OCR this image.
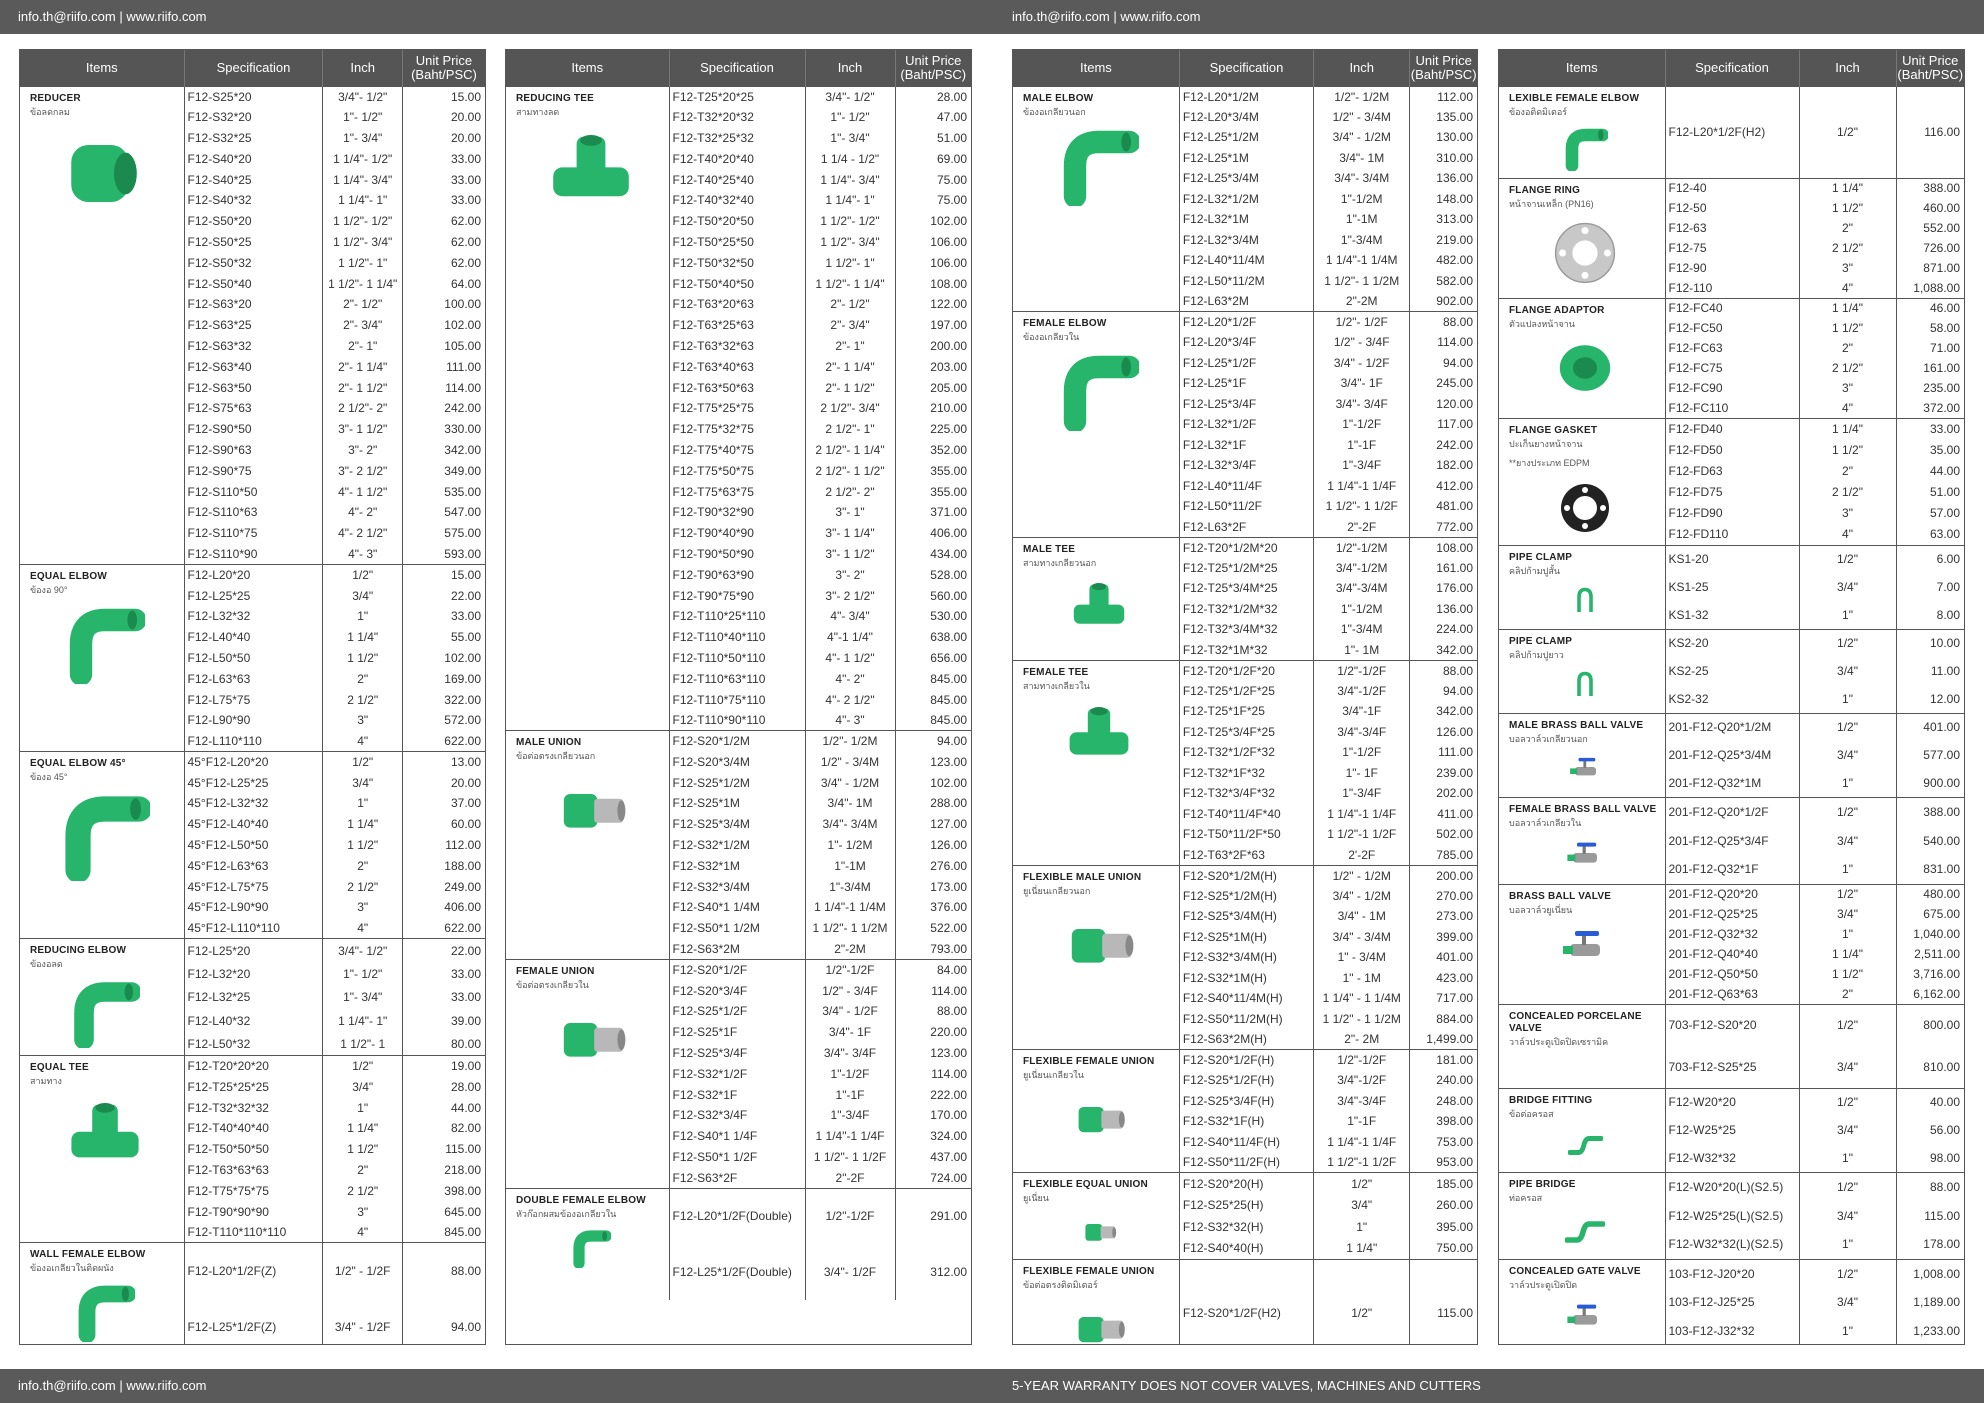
info.th@riifo.com | www.riifo.com	info.th@riifo.com | www.riifo.com
Items	Specification	Inch	Unit Price (Baht/PSC)

REDUCER
ข้อลดกลม	F12-S25*20	3/4"- 1/2"	15.00
	F12-S32*20	1"- 1/2"	20.00
	F12-S32*25	1"- 3/4"	20.00
	F12-S40*20	1 1/4"- 1/2"	33.00
	F12-S40*25	1 1/4"- 3/4"	33.00
	F12-S40*32	1 1/4"- 1"	33.00
	F12-S50*20	1 1/2"- 1/2"	62.00
	F12-S50*25	1 1/2"- 3/4"	62.00
	F12-S50*32	1 1/2"- 1"	62.00
	F12-S50*40	1 1/2"- 1 1/4"	64.00
	F12-S63*20	2"- 1/2"	100.00
	F12-S63*25	2"- 3/4"	102.00
	F12-S63*32	2"- 1"	105.00
	F12-S63*40	2"- 1 1/4"	111.00
	F12-S63*50	2"- 1 1/2"	114.00
	F12-S75*63	2 1/2"- 2"	242.00
	F12-S90*50	3"- 1 1/2"	330.00
	F12-S90*63	3"- 2"	342.00
	F12-S90*75	3"- 2 1/2"	349.00
	F12-S110*50	4"- 1 1/2"	535.00
	F12-S110*63	4"- 2"	547.00
	F12-S110*75	4"- 2 1/2"	575.00
	F12-S110*90	4"- 3"	593.00

EQUAL ELBOW
ข้องอ 90°	F12-L20*20	1/2"	15.00
	F12-L25*25	3/4"	22.00
	F12-L32*32	1"	33.00
	F12-L40*40	1 1/4"	55.00
	F12-L50*50	1 1/2"	102.00
	F12-L63*63	2"	169.00
	F12-L75*75	2 1/2"	322.00
	F12-L90*90	3"	572.00
	F12-L110*110	4"	622.00

EQUAL ELBOW 45°
ข้องอ 45°	45°F12-L20*20	1/2"	13.00
	45°F12-L25*25	3/4"	20.00
	45°F12-L32*32	1"	37.00
	45°F12-L40*40	1 1/4"	60.00
	45°F12-L50*50	1 1/2"	112.00
	45°F12-L63*63	2"	188.00
	45°F12-L75*75	2 1/2"	249.00
	45°F12-L90*90	3"	406.00
	45°F12-L110*110	4"	622.00

REDUCING ELBOW
ข้องอลด	F12-L25*20	3/4"- 1/2"	22.00
	F12-L32*20	1"- 1/2"	33.00
	F12-L32*25	1"- 3/4"	33.00
	F12-L40*32	1 1/4"- 1"	39.00
	F12-L50*32	1 1/2"- 1	80.00

EQUAL TEE
สามทาง	F12-T20*20*20	1/2"	19.00
	F12-T25*25*25	3/4"	28.00
	F12-T32*32*32	1"	44.00
	F12-T40*40*40	1 1/4"	82.00
	F12-T50*50*50	1 1/2"	115.00
	F12-T63*63*63	2"	218.00
	F12-T75*75*75	2 1/2"	398.00
	F12-T90*90*90	3"	645.00
	F12-T110*110*110	4"	845.00

WALL FEMALE ELBOW
ข้องอเกลียวในติดผนัง	F12-L20*1/2F(Z)	1/2" - 1/2F	88.00
	F12-L25*1/2F(Z)	3/4" - 1/2F	94.00
Items	Specification	Inch	Unit Price (Baht/PSC)

REDUCING TEE
สามทางลด	F12-T25*20*25	3/4"- 1/2"	28.00
	F12-T32*20*32	1"- 1/2"	47.00
	F12-T32*25*32	1"- 3/4"	51.00
	F12-T40*20*40	1 1/4 - 1/2"	69.00
	F12-T40*25*40	1 1/4"- 3/4"	75.00
	F12-T40*32*40	1 1/4"- 1"	75.00
	F12-T50*20*50	1 1/2"- 1/2"	102.00
	F12-T50*25*50	1 1/2"- 3/4"	106.00
	F12-T50*32*50	1 1/2"- 1"	106.00
	F12-T50*40*50	1 1/2"- 1 1/4"	108.00
	F12-T63*20*63	2"- 1/2"	122.00
	F12-T63*25*63	2"- 3/4"	197.00
	F12-T63*32*63	2"- 1"	200.00
	F12-T63*40*63	2"- 1 1/4"	203.00
	F12-T63*50*63	2"- 1 1/2"	205.00
	F12-T75*25*75	2 1/2"- 3/4"	210.00
	F12-T75*32*75	2 1/2"- 1"	225.00
	F12-T75*40*75	2 1/2"- 1 1/4"	352.00
	F12-T75*50*75	2 1/2"- 1 1/2"	355.00
	F12-T75*63*75	2 1/2"- 2"	355.00
	F12-T90*32*90	3"- 1"	371.00
	F12-T90*40*90	3"- 1 1/4"	406.00
	F12-T90*50*90	3"- 1 1/2"	434.00
	F12-T90*63*90	3"- 2"	528.00
	F12-T90*75*90	3"- 2 1/2"	560.00
	F12-T110*25*110	4"- 3/4"	530.00
	F12-T110*40*110	4"-1 1/4"	638.00
	F12-T110*50*110	4"- 1 1/2"	656.00
	F12-T110*63*110	4"- 2"	845.00
	F12-T110*75*110	4"- 2 1/2"	845.00
	F12-T110*90*110	4"- 3"	845.00

MALE UNION
ข้อต่อตรงเกลียวนอก	F12-S20*1/2M	1/2"- 1/2M	94.00
	F12-S20*3/4M	1/2" - 3/4M	123.00
	F12-S25*1/2M	3/4" - 1/2M	102.00
	F12-S25*1M	3/4"- 1M	288.00
	F12-S25*3/4M	3/4"- 3/4M	127.00
	F12-S32*1/2M	1"- 1/2M	126.00
	F12-S32*1M	1"-1M	276.00
	F12-S32*3/4M	1"-3/4M	173.00
	F12-S40*1 1/4M	1 1/4"-1 1/4M	376.00
	F12-S50*1 1/2M	1 1/2"- 1 1/2M	522.00
	F12-S63*2M	2"-2M	793.00

FEMALE UNION
ข้อต่อตรงเกลียวใน	F12-S20*1/2F	1/2"-1/2F	84.00
	F12-S20*3/4F	1/2" - 3/4F	114.00
	F12-S25*1/2F	3/4" - 1/2F	88.00
	F12-S25*1F	3/4"- 1F	220.00
	F12-S25*3/4F	3/4"- 3/4F	123.00
	F12-S32*1/2F	1"-1/2F	114.00
	F12-S32*1F	1"-1F	222.00
	F12-S32*3/4F	1"-3/4F	170.00
	F12-S40*1 1/4F	1 1/4"-1 1/4F	324.00
	F12-S50*1 1/2F	1 1/2"- 1 1/2F	437.00
	F12-S63*2F	2"-2F	724.00

DOUBLE FEMALE ELBOW
หัวก๊อกผสมข้องอเกลียวใน	F12-L20*1/2F(Double)	1/2"-1/2F	291.00
	F12-L25*1/2F(Double)	3/4"- 1/2F	312.00
Items	Specification	Inch	Unit Price (Baht/PSC)

MALE ELBOW
ข้องอเกลียวนอก	F12-L20*1/2M	1/2"- 1/2M	112.00
	F12-L20*3/4M	1/2" - 3/4M	135.00
	F12-L25*1/2M	3/4" - 1/2M	130.00
	F12-L25*1M	3/4"- 1M	310.00
	F12-L25*3/4M	3/4"- 3/4M	136.00
	F12-L32*1/2M	1"-1/2M	148.00
	F12-L32*1M	1"-1M	313.00
	F12-L32*3/4M	1"-3/4M	219.00
	F12-L40*11/4M	1 1/4"-1 1/4M	482.00
	F12-L50*11/2M	1 1/2"- 1 1/2M	582.00
	F12-L63*2M	2"-2M	902.00

FEMALE ELBOW
ข้องอเกลียวใน	F12-L20*1/2F	1/2"- 1/2F	88.00
	F12-L20*3/4F	1/2" - 3/4F	114.00
	F12-L25*1/2F	3/4" - 1/2F	94.00
	F12-L25*1F	3/4"- 1F	245.00
	F12-L25*3/4F	3/4"- 3/4F	120.00
	F12-L32*1/2F	1"-1/2F	117.00
	F12-L32*1F	1"-1F	242.00
	F12-L32*3/4F	1"-3/4F	182.00
	F12-L40*11/4F	1 1/4"-1 1/4F	412.00
	F12-L50*11/2F	1 1/2"- 1 1/2F	481.00
	F12-L63*2F	2"-2F	772.00

MALE TEE
สามทางเกลียวนอก	F12-T20*1/2M*20	1/2"-1/2M	108.00
	F12-T25*1/2M*25	3/4"-1/2M	161.00
	F12-T25*3/4M*25	3/4"-3/4M	176.00
	F12-T32*1/2M*32	1"-1/2M	136.00
	F12-T32*3/4M*32	1"-3/4M	224.00
	F12-T32*1M*32	1"- 1M	342.00

FEMALE TEE
สามทางเกลียวใน	F12-T20*1/2F*20	1/2"-1/2F	88.00
	F12-T25*1/2F*25	3/4"-1/2F	94.00
	F12-T25*1F*25	3/4"-1F	342.00
	F12-T25*3/4F*25	3/4"-3/4F	126.00
	F12-T32*1/2F*32	1"-1/2F	111.00
	F12-T32*1F*32	1"- 1F	239.00
	F12-T32*3/4F*32	1"-3/4F	202.00
	F12-T40*11/4F*40	1 1/4"-1 1/4F	411.00
	F12-T50*11/2F*50	1 1/2"-1 1/2F	502.00
	F12-T63*2F*63	2'-2F	785.00

FLEXIBLE MALE UNION
ยูเนี่ยนเกลียวนอก	F12-S20*1/2M(H)	1/2" - 1/2M	200.00
	F12-S25*1/2M(H)	3/4" - 1/2M	270.00
	F12-S25*3/4M(H)	3/4" - 1M	273.00
	F12-S25*1M(H)	3/4" - 3/4M	399.00
	F12-S32*3/4M(H)	1" - 3/4M	401.00
	F12-S32*1M(H)	1" - 1M	423.00
	F12-S40*11/4M(H)	1 1/4" - 1 1/4M	717.00
	F12-S50*11/2M(H)	1 1/2" - 1 1/2M	884.00
	F12-S63*2M(H)	2"- 2M	1,499.00

FLEXIBLE FEMALE UNION
ยูเนี่ยนเกลียวใน	F12-S20*1/2F(H)	1/2"-1/2F	181.00
	F12-S25*1/2F(H)	3/4"-1/2F	240.00
	F12-S25*3/4F(H)	3/4"-3/4F	248.00
	F12-S32*1F(H)	1"-1F	398.00
	F12-S40*11/4F(H)	1 1/4"-1 1/4F	753.00
	F12-S50*11/2F(H)	1 1/2"-1 1/2F	953.00

FLEXIBLE EQUAL UNION
ยูเนี่ยน	F12-S20*20(H)	1/2"	185.00
	F12-S25*25(H)	3/4"	260.00
	F12-S32*32(H)	1"	395.00
	F12-S40*40(H)	1 1/4"	750.00

FLEXIBLE FEMALE UNION
ข้อต่อตรงติดมิเตอร์	F12-S20*1/2F(H2)	1/2"	115.00
Items	Specification	Inch	Unit Price (Baht/PSC)

LEXIBLE FEMALE ELBOW
ข้องอติดมิเตอร์	F12-L20*1/2F(H2)	1/2"	116.00

FLANGE RING
หน้าจานเหล็ก (PN16)	F12-40	1 1/4"	388.00
	F12-50	1 1/2"	460.00
	F12-63	2"	552.00
	F12-75	2 1/2"	726.00
	F12-90	3"	871.00
	F12-110	4"	1,088.00

FLANGE ADAPTOR
ตัวแปลงหน้าจาน	F12-FC40	1 1/4"	46.00
	F12-FC50	1 1/2"	58.00
	F12-FC63	2"	71.00
	F12-FC75	2 1/2"	161.00
	F12-FC90	3"	235.00
	F12-FC110	4"	372.00

FLANGE GASKET
ปะเก็นยางหน้าจาน
**ยางประเภท EDPM	F12-FD40	1 1/4"	33.00
	F12-FD50	1 1/2"	35.00
	F12-FD63	2"	44.00
	F12-FD75	2 1/2"	51.00
	F12-FD90	3"	57.00
	F12-FD110	4"	63.00

PIPE CLAMP
คลิปก้ามปูสั้น	KS1-20	1/2"	6.00
	KS1-25	3/4"	7.00
	KS1-32	1"	8.00

PIPE CLAMP
คลิปก้ามปูยาว	KS2-20	1/2"	10.00
	KS2-25	3/4"	11.00
	KS2-32	1"	12.00

MALE BRASS BALL VALVE
บอลวาล์วเกลียวนอก	201-F12-Q20*1/2M	1/2"	401.00
	201-F12-Q25*3/4M	3/4"	577.00
	201-F12-Q32*1M	1"	900.00

FEMALE BRASS BALL VALVE
บอลวาล์วเกลียวใน	201-F12-Q20*1/2F	1/2"	388.00
	201-F12-Q25*3/4F	3/4"	540.00
	201-F12-Q32*1F	1"	831.00

BRASS BALL VALVE
บอลวาล์วยูเนี่ยน	201-F12-Q20*20	1/2"	480.00
	201-F12-Q25*25	3/4"	675.00
	201-F12-Q32*32	1"	1,040.00
	201-F12-Q40*40	1 1/4"	2,511.00
	201-F12-Q50*50	1 1/2"	3,716.00
	201-F12-Q63*63	2"	6,162.00

CONCEALED PORCELANE VALVE
วาล์วประตูเปิดปิดเซรามิค	703-F12-S20*20	1/2"	800.00
	703-F12-S25*25	3/4"	810.00

BRIDGE FITTING
ข้อต่อครอส	F12-W20*20	1/2"	40.00
	F12-W25*25	3/4"	56.00
	F12-W32*32	1"	98.00

PIPE BRIDGE
ท่อครอส	F12-W20*20(L)(S2.5)	1/2"	88.00
	F12-W25*25(L)(S2.5)	3/4"	115.00
	F12-W32*32(L)(S2.5)	1"	178.00

CONCEALED GATE VALVE
วาล์วประตูเปิดปิด	103-F12-J20*20	1/2"	1,008.00
	103-F12-J25*25	3/4"	1,189.00
	103-F12-J32*32	1"	1,233.00
info.th@riifo.com | www.riifo.com	5-YEAR WARRANTY DOES NOT COVER VALVES, MACHINES AND CUTTERS
